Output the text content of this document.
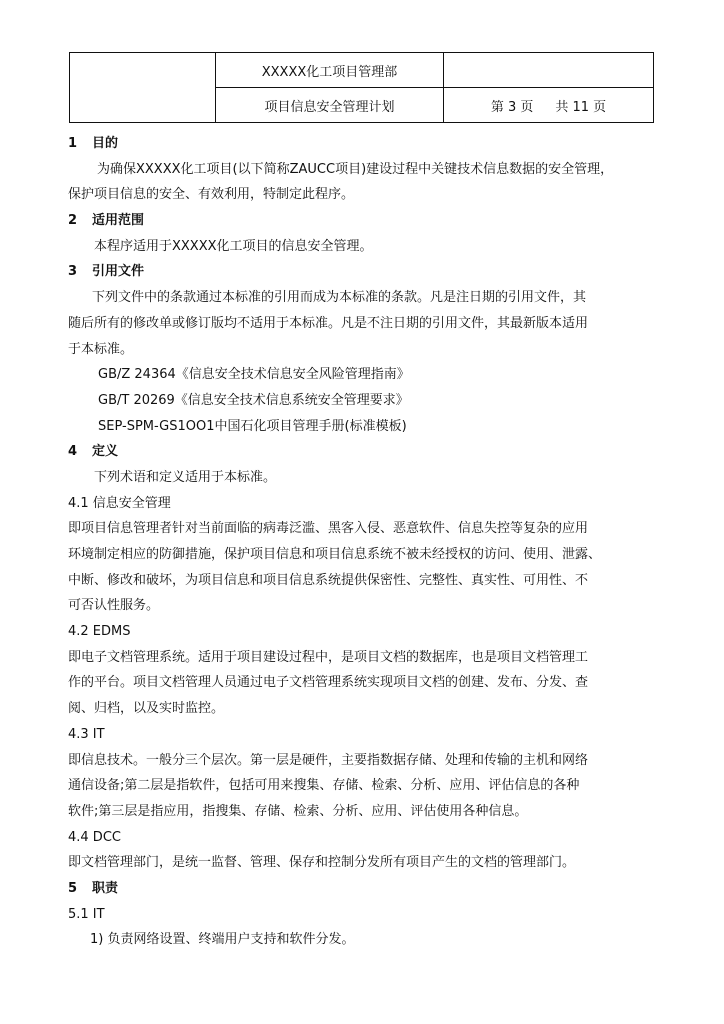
	XXXXX化工项目管理部	
	项目信息安全管理计划	第 3 页 共 11 页
1 目的
为确保XXXXX化工项目(以下简称ZAUCC项目)建设过程中关键技术信息数据的安全管理，
保护项目信息的安全、有效利用，特制定此程序。
2 适用范围
本程序适用于XXXXX化工项目的信息安全管理。
3 引用文件
下列文件中的条款通过本标准的引用而成为本标准的条款。凡是注日期的引用文件，其
随后所有的修改单或修订版均不适用于本标准。凡是不注日期的引用文件，其最新版本适用
于本标准。
GB/Z 24364《信息安全技术信息安全风险管理指南》
GB/T 20269《信息安全技术信息系统安全管理要求》
SEP-SPM-GS1OO1中国石化项目管理手册(标准模板)
4 定义
下列术语和定义适用于本标准。
4.1 信息安全管理
即项目信息管理者针对当前面临的病毒泛滥、黑客入侵、恶意软件、信息失控等复杂的应用
环境制定相应的防御措施，保护项目信息和项目信息系统不被未经授权的访问、使用、泄露、
中断、修改和破坏，为项目信息和项目信息系统提供保密性、完整性、真实性、可用性、不
可否认性服务。
4.2 EDMS
即电子文档管理系统。适用于项目建设过程中，是项目文档的数据库，也是项目文档管理工
作的平台。项目文档管理人员通过电子文档管理系统实现项目文档的创建、发布、分发、查
阅、归档，以及实时监控。
4.3 IT
即信息技术。一般分三个层次。第一层是硬件，主要指数据存储、处理和传输的主机和网络
通信设备;第二层是指软件，包括可用来搜集、存储、检索、分析、应用、评估信息的各种
软件;第三层是指应用，指搜集、存储、检索、分析、应用、评估使用各种信息。
4.4 DCC
即文档管理部门，是统一监督、管理、保存和控制分发所有项目产生的文档的管理部门。
5 职责
5.1 IT
1) 负责网络设置、终端用户支持和软件分发。
